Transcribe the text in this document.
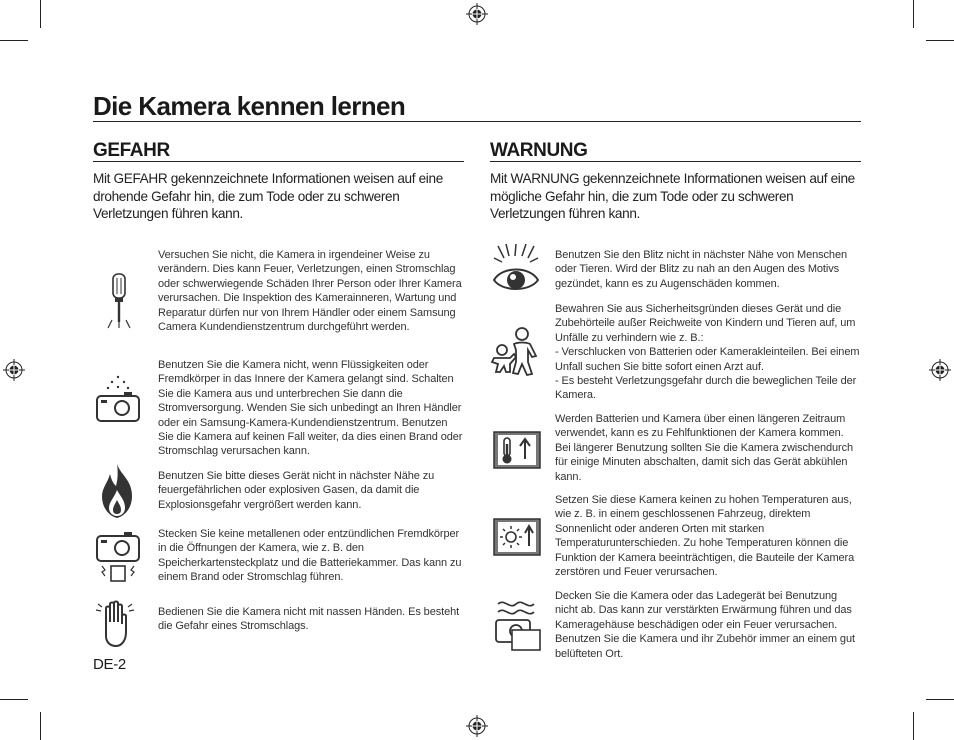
Die Kamera kennen lernen
GEFAHR
Mit GEFAHR gekennzeichnete Informationen weisen auf eine drohende Gefahr hin, die zum Tode oder zu schweren Verletzungen führen kann.
Versuchen Sie nicht, die Kamera in irgendeiner Weise zu verändern. Dies kann Feuer, Verletzungen, einen Stromschlag oder schwerwiegende Schäden Ihrer Person oder Ihrer Kamera verursachen. Die Inspektion des Kamerainneren, Wartung und Reparatur dürfen nur von Ihrem Händler oder einem Samsung Camera Kundendienstzentrum durchgeführt werden.
Benutzen Sie die Kamera nicht, wenn Flüssigkeiten oder Fremdkörper in das Innere der Kamera gelangt sind. Schalten Sie die Kamera aus und unterbrechen Sie dann die Stromversorgung. Wenden Sie sich unbedingt an Ihren Händler oder ein Samsung-Kamera-Kundendienstzentrum. Benutzen Sie die Kamera auf keinen Fall weiter, da dies einen Brand oder Stromschlag verursachen kann.
Benutzen Sie bitte dieses Gerät nicht in nächster Nähe zu feuergefährlichen oder explosiven Gasen, da damit die Explosionsgefahr vergrößert werden kann.
Stecken Sie keine metallenen oder entzündlichen Fremdkörper in die Öffnungen der Kamera, wie z. B. den Speicherkartensteckplatz und die Batteriekammer. Das kann zu einem Brand oder Stromschlag führen.
Bedienen Sie die Kamera nicht mit nassen Händen. Es besteht die Gefahr eines Stromschlags.
DE-2
WARNUNG
Mit WARNUNG gekennzeichnete Informationen weisen auf eine mögliche Gefahr hin, die zum Tode oder zu schweren Verletzungen führen kann.
Benutzen Sie den Blitz nicht in nächster Nähe von Menschen oder Tieren. Wird der Blitz zu nah an den Augen des Motivs gezündet, kann es zu Augenschäden kommen.
Bewahren Sie aus Sicherheitsgründen dieses Gerät und die Zubehörteile außer Reichweite von Kindern und Tieren auf, um Unfälle zu verhindern wie z. B.:
- Verschlucken von Batterien oder Kamerakleinteilen. Bei einem Unfall suchen Sie bitte sofort einen Arzt auf.
- Es besteht Verletzungsgefahr durch die beweglichen Teile der Kamera.
Werden Batterien und Kamera über einen längeren Zeitraum verwendet, kann es zu Fehlfunktionen der Kamera kommen. Bei längerer Benutzung sollten Sie die Kamera zwischendurch für einige Minuten abschalten, damit sich das Gerät abkühlen kann.
Setzen Sie diese Kamera keinen zu hohen Temperaturen aus, wie z. B. in einem geschlossenen Fahrzeug, direktem Sonnenlicht oder anderen Orten mit starken Temperaturunterschieden. Zu hohe Temperaturen können die Funktion der Kamera beeinträchtigen, die Bauteile der Kamera zerstören und Feuer verursachen.
Decken Sie die Kamera oder das Ladegerät bei Benutzung nicht ab. Das kann zur verstärkten Erwärmung führen und das Kameragehäuse beschädigen oder ein Feuer verursachen. Benutzen Sie die Kamera und ihr Zubehör immer an einem gut belüfteten Ort.
